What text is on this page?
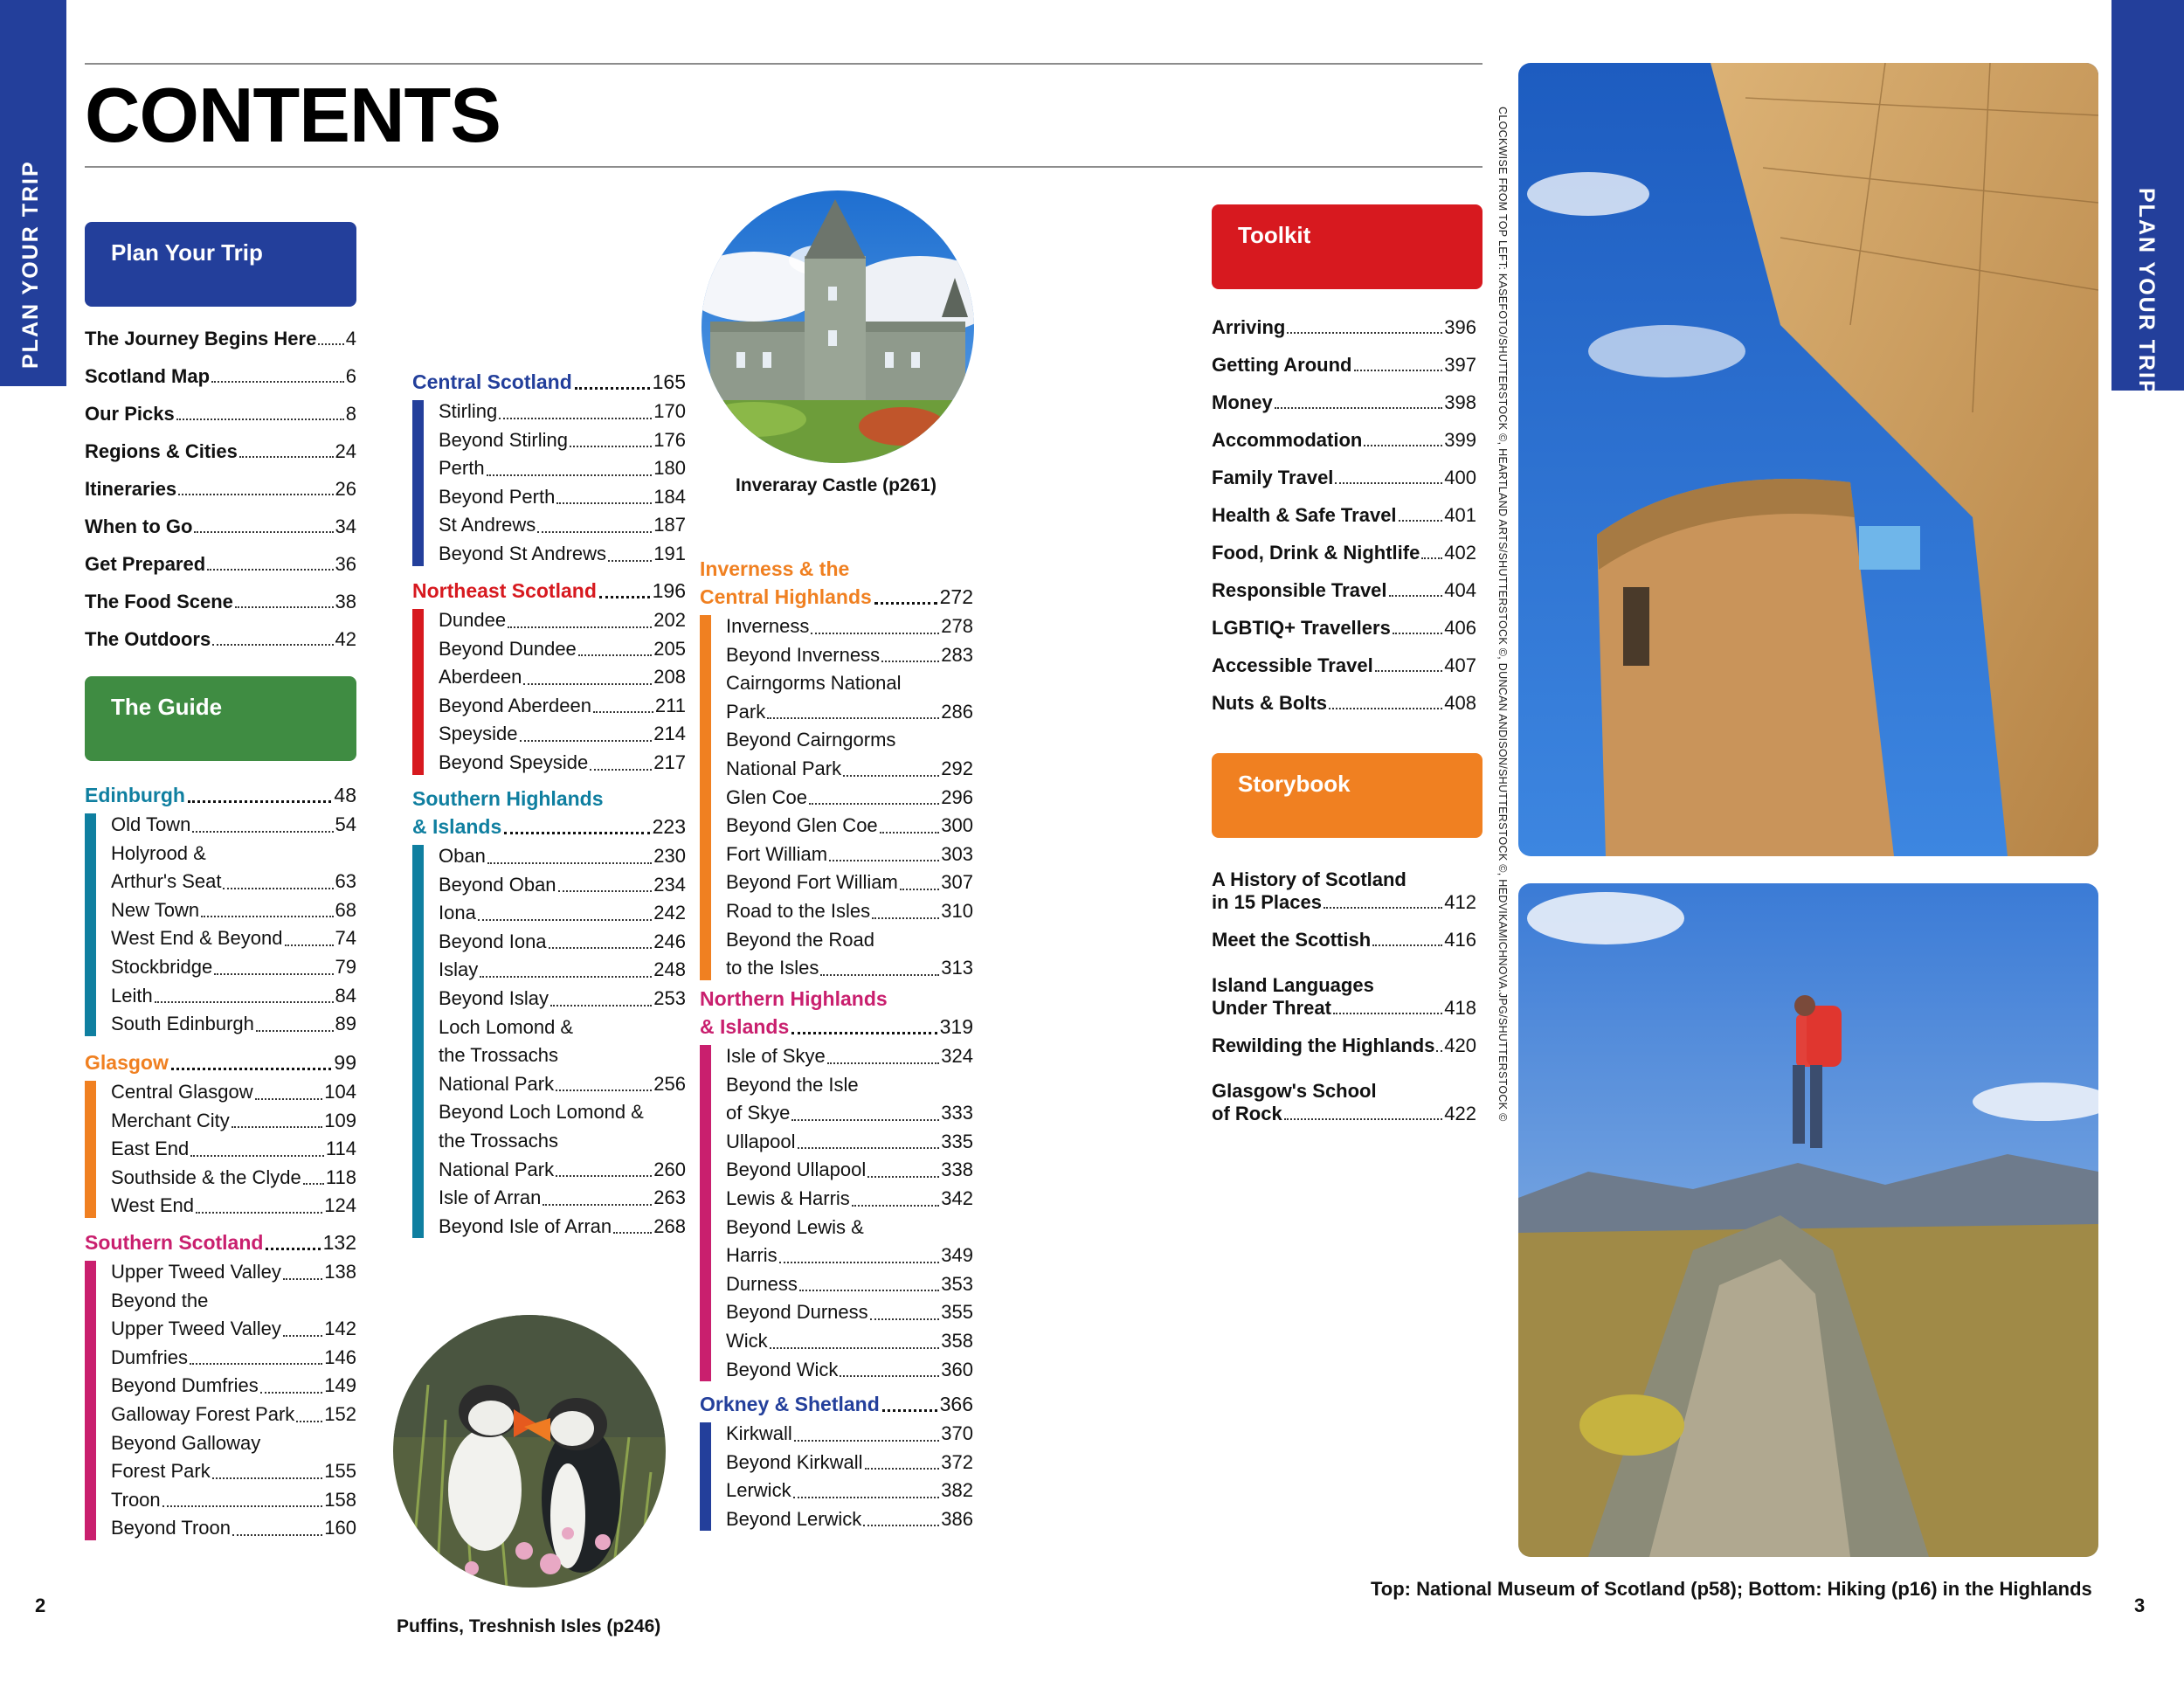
PLAN YOUR TRIP	PLAN YOUR TRIP
CONTENTS
Plan Your Trip
The Guide
Toolkit
Storybook
The Journey Begins Here 4
Scotland Map	6
Our Picks	8
Regions & Cities	24
Itineraries	26
When to Go	34
Get Prepared	36
The Food Scene	38
The Outdoors	42
Arriving	396
Getting Around	397
Money	398
Accommodation	399
Family Travel	400
Health & Safe Travel 401
Food, Drink & Nightlife 402
Responsible Travel	404
LGBTIQ+ Travellers	406
Accessible Travel	407
Nuts & Bolts	408
A History of Scotland
in 15 Places	412
Meet the Scottish	416
Island Languages
Under Threat	418
Rewilding the Highlands 420
Glasgow's School
of Rock	422
Edinburgh	48
Old Town	54
Holyrood &
Arthur's Seat	63
New Town	68
West End & Beyond	74
Stockbridge	79
Leith	84
South Edinburgh	89
Glasgow	99
Central Glasgow	104
Merchant City	109
East End	114
Southside & the Clyde 118
West End	124
Southern Scotland	132
Upper Tweed Valley 138
Beyond the
Upper Tweed Valley 142
Dumfries	146
Beyond Dumfries	149
Galloway Forest Park 152
Beyond Galloway
Forest Park	155
Troon	158
Beyond Troon	160
Central Scotland	165
Stirling	170
Beyond Stirling	176
Perth	180
Beyond Perth	184
St Andrews	187
Beyond St Andrews 191
Northeast Scotland	196
Dundee	202
Beyond Dundee	205
Aberdeen	208
Beyond Aberdeen	211
Speyside	214
Beyond Speyside	217
Southern Highlands
& Islands	223
Oban	230
Beyond Oban	234
Iona	242
Beyond Iona	246
Islay	248
Beyond Islay	253
Loch Lomond &
the Trossachs
National Park	256
Beyond Loch Lomond &
the Trossachs
National Park	260
Isle of Arran	263
Beyond Isle of Arran 268
Inverness & the
Central Highlands	272
Inverness	278
Beyond Inverness	283
Cairngorms National
Park	286
Beyond Cairngorms
National Park	292
Glen Coe	296
Beyond Glen Coe	300
Fort William	303
Beyond Fort William 307
Road to the Isles	310
Beyond the Road
to the Isles	313
Northern Highlands
& Islands	319
Isle of Skye	324
Beyond the Isle
of Skye	333
Ullapool	335
Beyond Ullapool	338
Lewis & Harris	342
Beyond Lewis &
Harris	349
Durness	353
Beyond Durness	355
Wick	358
Beyond Wick	360
Orkney & Shetland	366
Kirkwall	370
Beyond Kirkwall	372
Lerwick	382
Beyond Lerwick	386
Inveraray Castle (p261)
Puffins, Treshnish Isles (p246)
CLOCKWISE FROM TOP LEFT: KASEFOTO/SHUTTERSTOCK ©, HEARTLAND ARTS/SHUTTERSTOCK ©, DUNCAN ANDISON/SHUTTERSTOCK ©, HEDVIKAMICHNOVA.JPG/SHUTTERSTOCK ©
Top: National Museum of Scotland (p58); Bottom: Hiking (p16) in the Highlands
2	3
